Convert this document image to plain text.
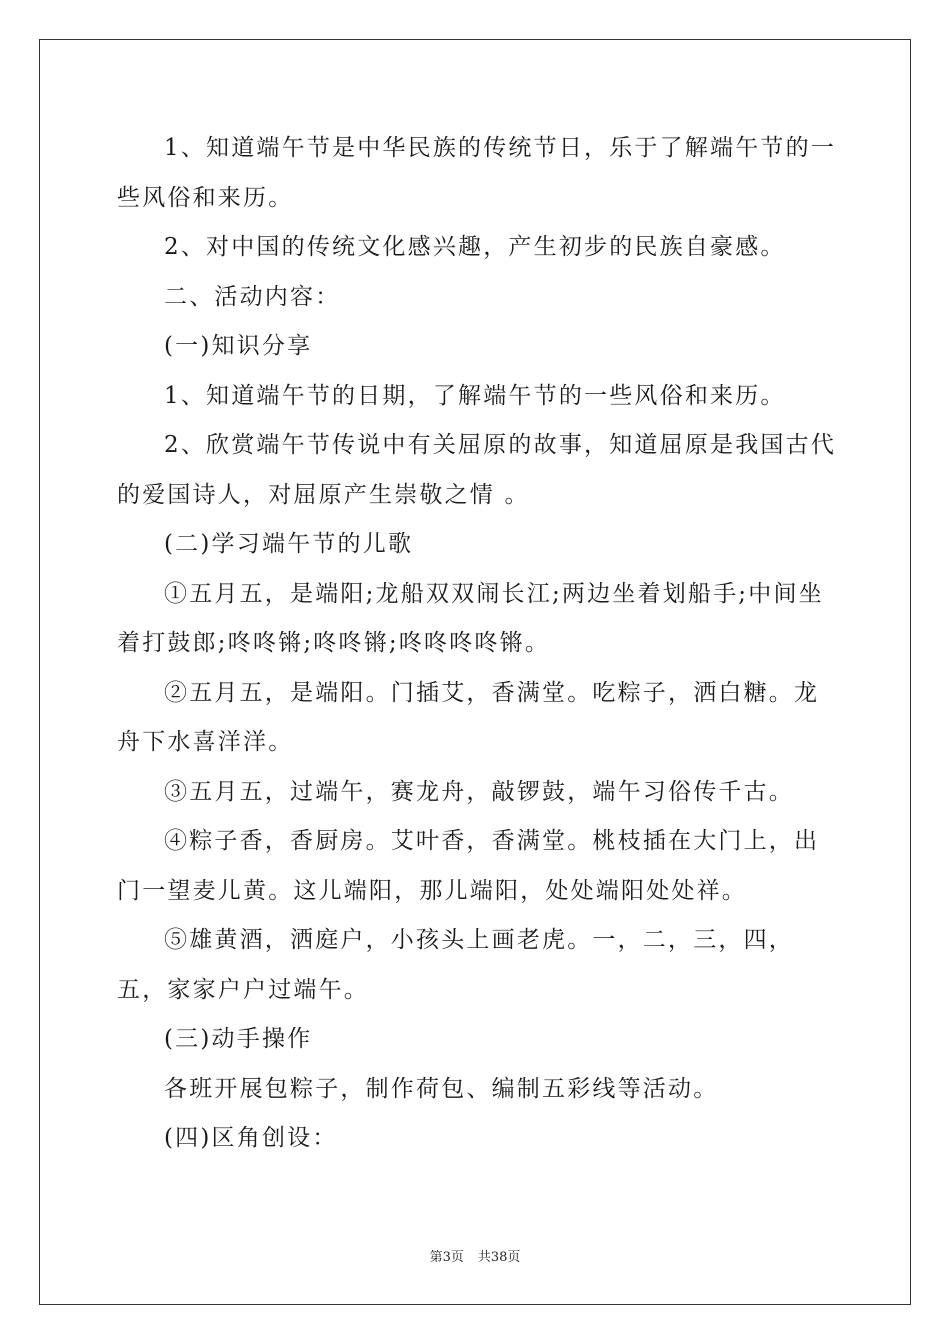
1、知道端午节是中华民族的传统节日，乐于了解端午节的一些风俗和来历。

2、对中国的传统文化感兴趣，产生初步的民族自豪感。

二、活动内容：

(一)知识分享

1、知道端午节的日期，了解端午节的一些风俗和来历。

2、欣赏端午节传说中有关屈原的故事，知道屈原是我国古代的爱国诗人，对屈原产生崇敬之情 。

(二)学习端午节的儿歌

①五月五，是端阳;龙船双双闹长江;两边坐着划船手;中间坐着打鼓郎;咚咚锵;咚咚锵;咚咚咚咚锵。

②五月五，是端阳。门插艾，香满堂。吃粽子，洒白糖。龙舟下水喜洋洋。

③五月五，过端午，赛龙舟，敲锣鼓，端午习俗传千古。

④粽子香，香厨房。艾叶香，香满堂。桃枝插在大门上，出门一望麦儿黄。这儿端阳，那儿端阳，处处端阳处处祥。

⑤雄黄酒，洒庭户，小孩头上画老虎。一，二，三，四，五，家家户户过端午。

(三)动手操作

各班开展包粽子，制作荷包、编制五彩线等活动。

(四)区角创设：

第3页 共38页
